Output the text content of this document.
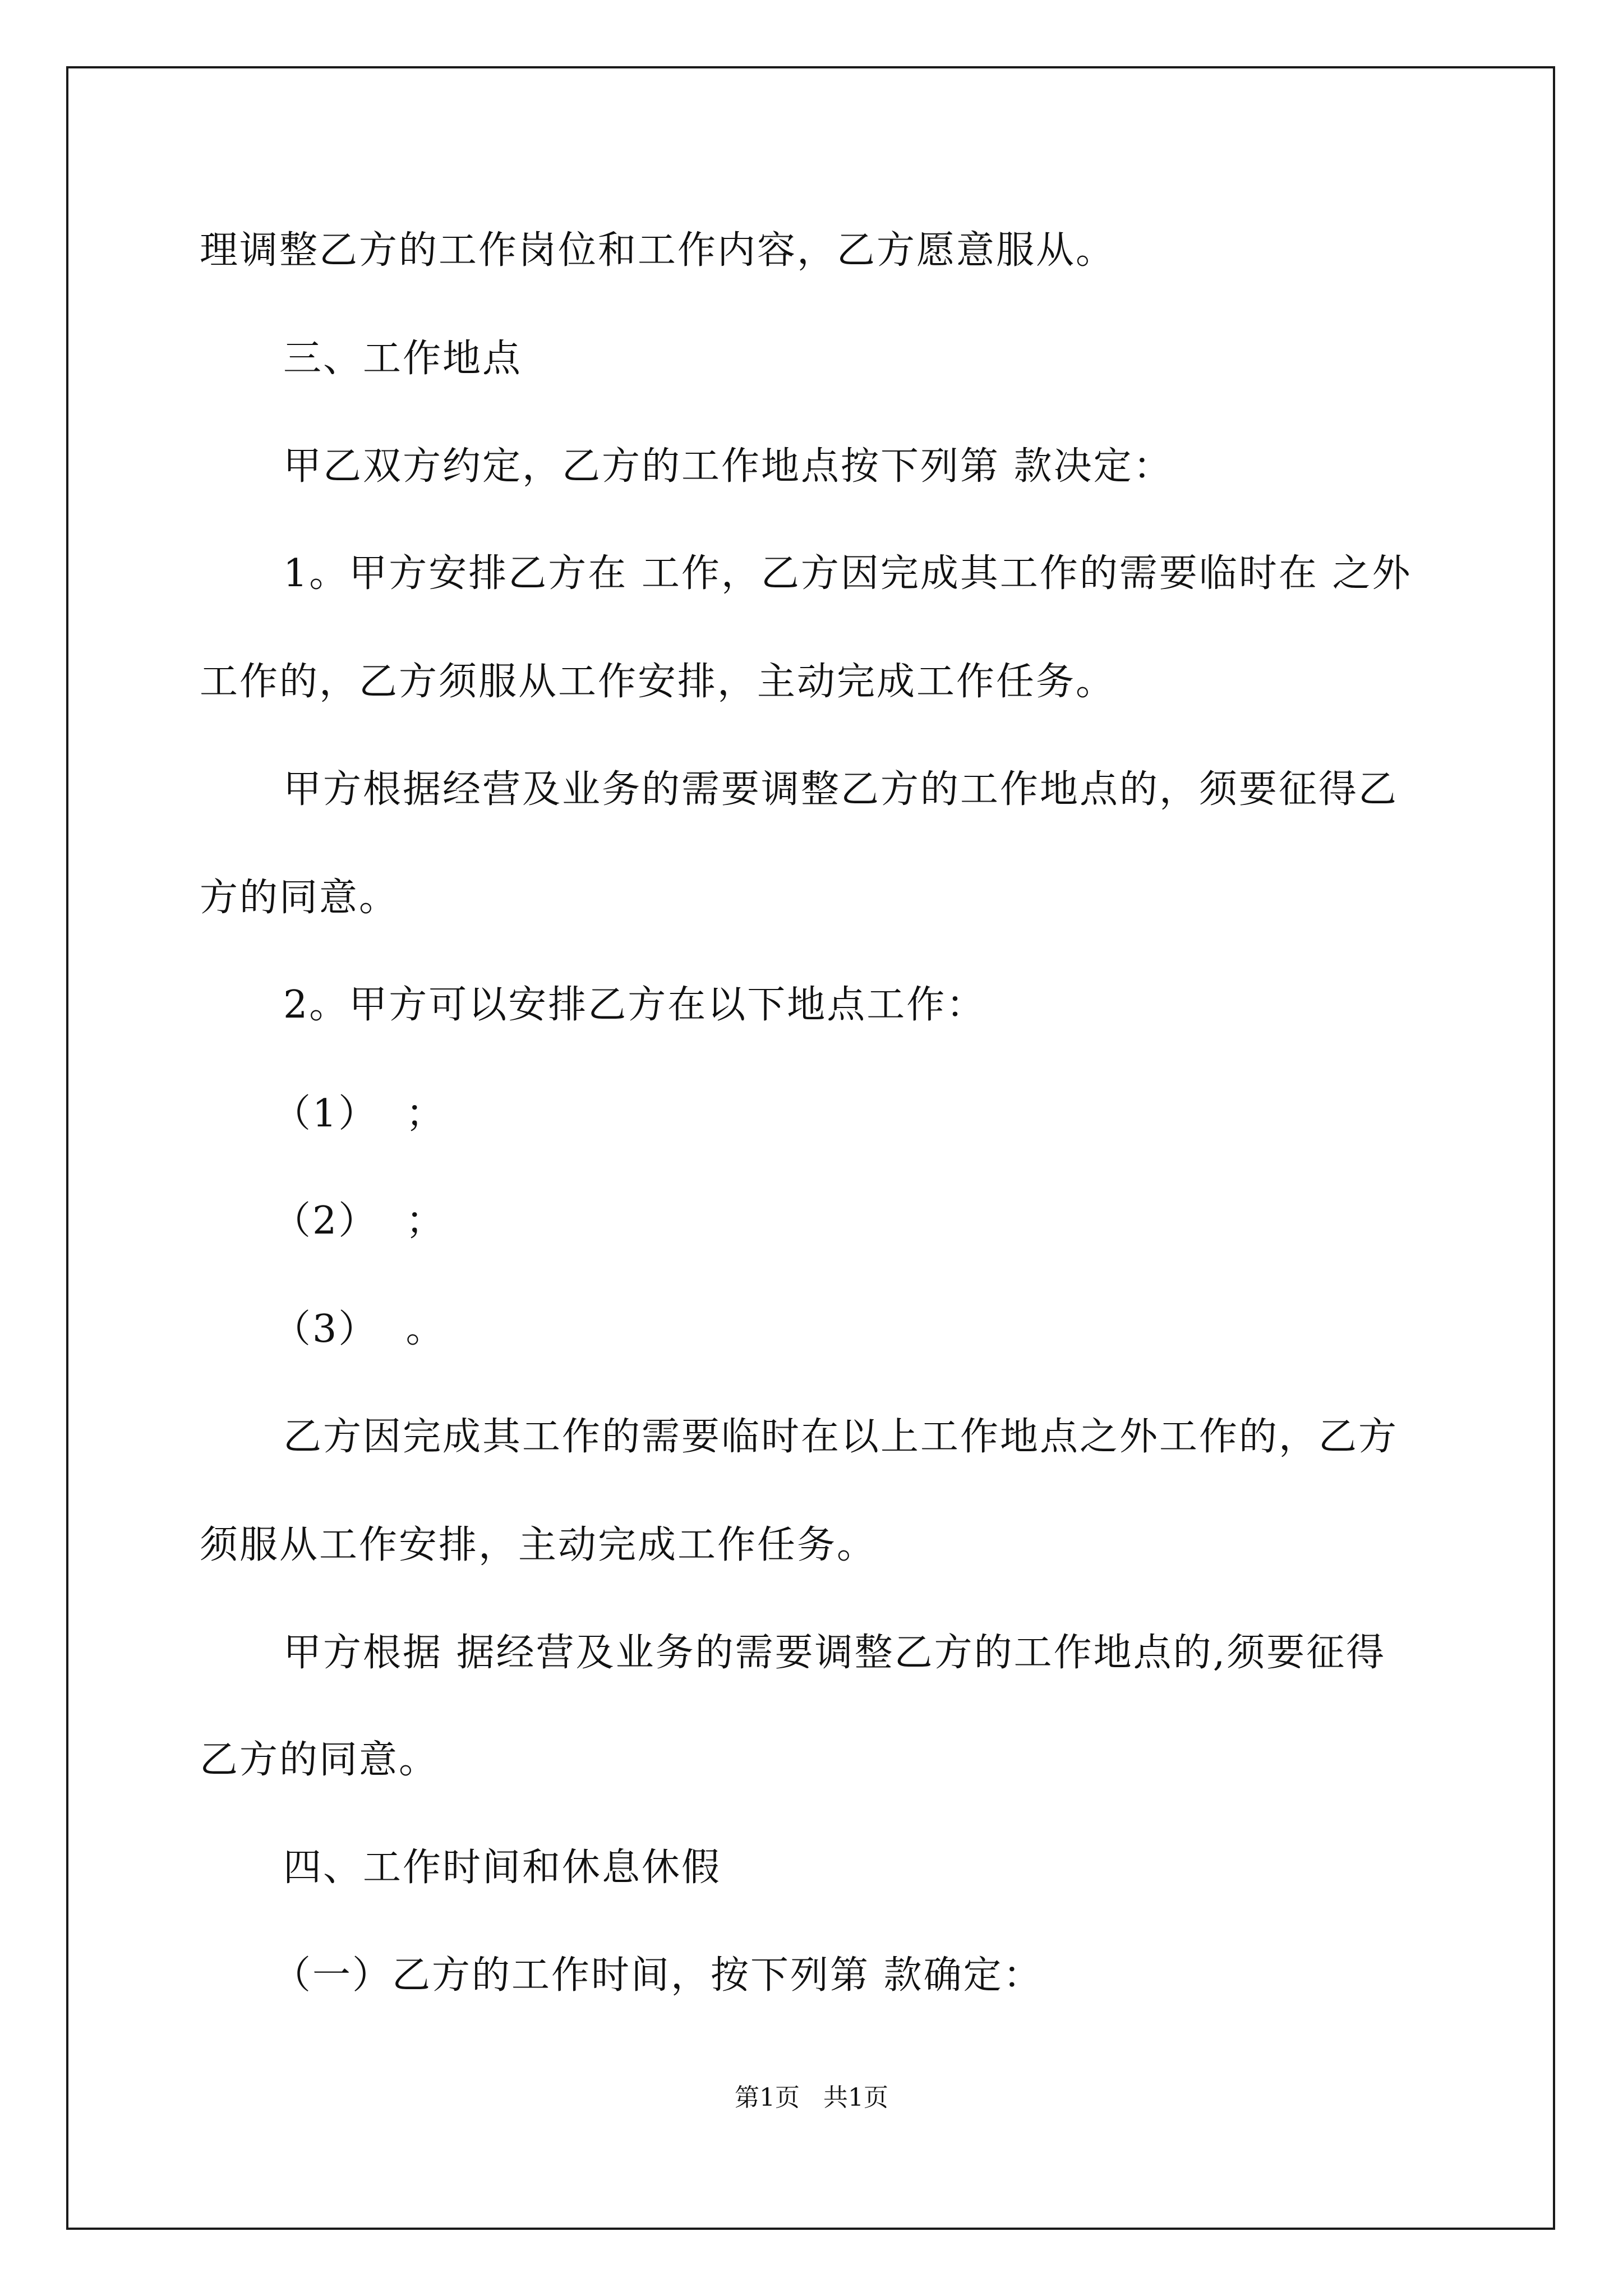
理调整乙方的工作岗位和工作内容，乙方愿意服从。
三、工作地点
甲乙双方约定，乙方的工作地点按下列第 款决定：
1。甲方安排乙方在 工作，乙方因完成其工作的需要临时在 之外
工作的，乙方须服从工作安排，主动完成工作任务。
甲方根据经营及业务的需要调整乙方的工作地点的，须要征得乙
方的同意。
2。甲方可以安排乙方在以下地点工作：
（1）  ；
（2）  ；
（3）  。
乙方因完成其工作的需要临时在以上工作地点之外工作的，乙方
须服从工作安排，主动完成工作任务。
甲方根据 据经营及业务的需要调整乙方的工作地点的,须要征得
乙方的同意。
四、工作时间和休息休假
（一）乙方的工作时间，按下列第 款确定：
第1页   共1页
